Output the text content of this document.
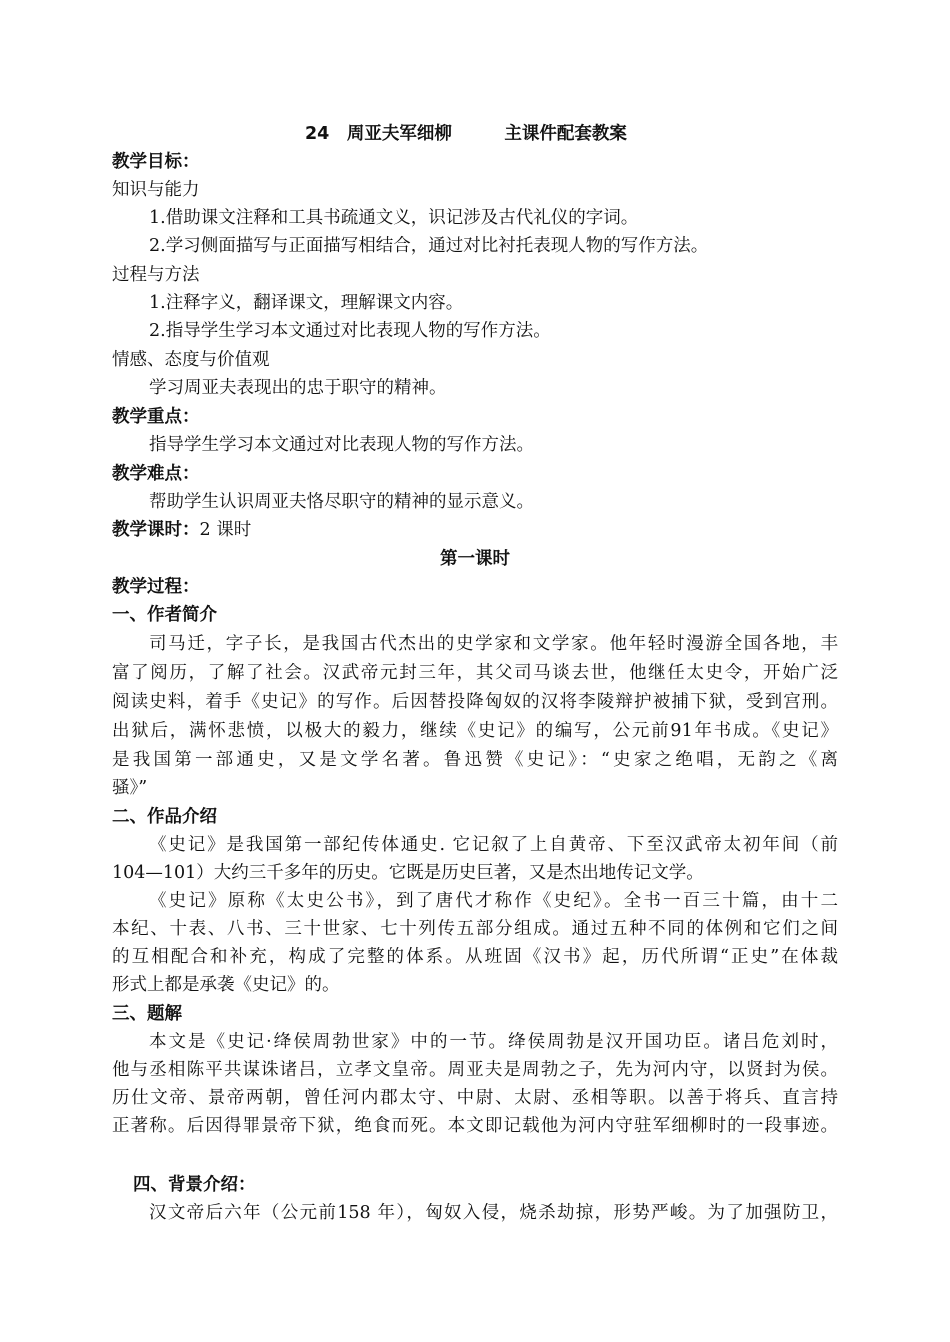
24　周亚夫军细柳　　　主课件配套教案
教学目标：
知识与能力
1.借助课文注释和工具书疏通文义，识记涉及古代礼仪的字词。
2.学习侧面描写与正面描写相结合，通过对比衬托表现人物的写作方法。
过程与方法
1.注释字义，翻译课文，理解课文内容。
2.指导学生学习本文通过对比表现人物的写作方法。
情感、态度与价值观
学习周亚夫表现出的忠于职守的精神。
教学重点：
指导学生学习本文通过对比表现人物的写作方法。
教学难点：
帮助学生认识周亚夫恪尽职守的精神的显示意义。
教学课时：2 课时
第一课时
教学过程：
一、作者简介
司马迁，字子长，是我国古代杰出的史学家和文学家。他年轻时漫游全国各地，丰
富了阅历，了解了社会。汉武帝元封三年，其父司马谈去世，他继任太史令，开始广泛
阅读史料，着手《史记》的写作。后因替投降匈奴的汉将李陵辩护被捕下狱，受到宫刑。
出狱后，满怀悲愤，以极大的毅力，继续《史记》的编写，公元前91年书成。《史记》
是我国第一部通史，又是文学名著。鲁迅赞《史记》：“史家之绝唱，无韵之《离
骚》”
二、作品介绍
《史记》是我国第一部纪传体通史. 它记叙了上自黄帝、下至汉武帝太初年间（前
104—101）大约三千多年的历史。它既是历史巨著，又是杰出地传记文学。
《史记》原称《太史公书》，到了唐代才称作《史纪》。全书一百三十篇，由十二
本纪、十表、八书、三十世家、七十列传五部分组成。通过五种不同的体例和它们之间
的互相配合和补充，构成了完整的体系。从班固《汉书》起，历代所谓“正史”在体裁
形式上都是承袭《史记》的。
三、题解
本文是《史记·绛侯周勃世家》中的一节。绛侯周勃是汉开国功臣。诸吕危刘时，
他与丞相陈平共谋诛诸吕，立孝文皇帝。周亚夫是周勃之子，先为河内守，以贤封为侯。
历仕文帝、景帝两朝，曾任河内郡太守、中尉、太尉、丞相等职。以善于将兵、直言持
正著称。后因得罪景帝下狱，绝食而死。本文即记载他为河内守驻军细柳时的一段事迹。
四、背景介绍：
汉文帝后六年（公元前158 年），匈奴入侵，烧杀劫掠，形势严峻。为了加强防卫，
